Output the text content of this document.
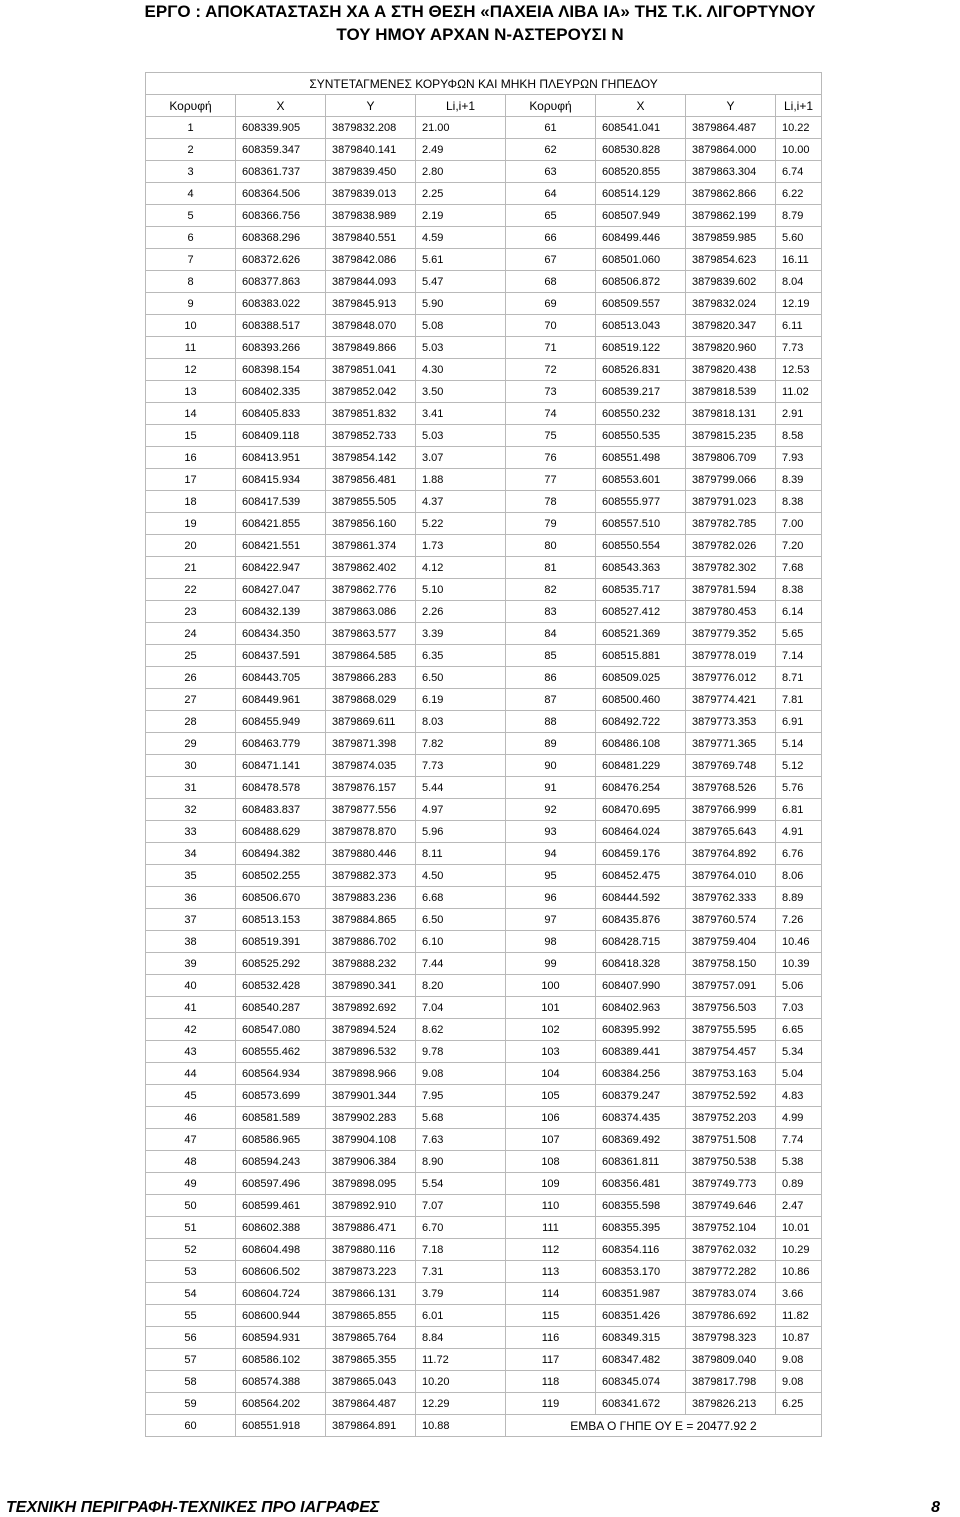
ΕΡΓΟ : ΑΠΟΚΑΤΑΣΤΑΣΗ ΧΑ Α ΣΤΗ ΘΕΣΗ «ΠΑΧΕΙΑ ΛΙΒΑ ΙΑ» ΤΗΣ Τ.Κ. ΛΙΓΟΡΤΥΝΟΥ
ΤΟΥ ΗΜΟΥ ΑΡΧΑΝ Ν-ΑΣΤΕΡΟΥΣΙ Ν
ΣΥΝΤΕΤΑΓΜΕΝΕΣ ΚΟΡΥΦΩΝ ΚΑΙ ΜΗΚΗ ΠΛΕΥΡΩΝ ΓΗΠΕΔΟΥ							
Κορυφή	X	Y	Li,i+1	Κορυφή	X	Y	Li,i+1
1	608339.905	3879832.208	21.00	61	608541.041	3879864.487	10.22
2	608359.347	3879840.141	2.49	62	608530.828	3879864.000	10.00
3	608361.737	3879839.450	2.80	63	608520.855	3879863.304	6.74
4	608364.506	3879839.013	2.25	64	608514.129	3879862.866	6.22
5	608366.756	3879838.989	2.19	65	608507.949	3879862.199	8.79
6	608368.296	3879840.551	4.59	66	608499.446	3879859.985	5.60
7	608372.626	3879842.086	5.61	67	608501.060	3879854.623	16.11
8	608377.863	3879844.093	5.47	68	608506.872	3879839.602	8.04
9	608383.022	3879845.913	5.90	69	608509.557	3879832.024	12.19
10	608388.517	3879848.070	5.08	70	608513.043	3879820.347	6.11
11	608393.266	3879849.866	5.03	71	608519.122	3879820.960	7.73
12	608398.154	3879851.041	4.30	72	608526.831	3879820.438	12.53
13	608402.335	3879852.042	3.50	73	608539.217	3879818.539	11.02
14	608405.833	3879851.832	3.41	74	608550.232	3879818.131	2.91
15	608409.118	3879852.733	5.03	75	608550.535	3879815.235	8.58
16	608413.951	3879854.142	3.07	76	608551.498	3879806.709	7.93
17	608415.934	3879856.481	1.88	77	608553.601	3879799.066	8.39
18	608417.539	3879855.505	4.37	78	608555.977	3879791.023	8.38
19	608421.855	3879856.160	5.22	79	608557.510	3879782.785	7.00
20	608421.551	3879861.374	1.73	80	608550.554	3879782.026	7.20
21	608422.947	3879862.402	4.12	81	608543.363	3879782.302	7.68
22	608427.047	3879862.776	5.10	82	608535.717	3879781.594	8.38
23	608432.139	3879863.086	2.26	83	608527.412	3879780.453	6.14
24	608434.350	3879863.577	3.39	84	608521.369	3879779.352	5.65
25	608437.591	3879864.585	6.35	85	608515.881	3879778.019	7.14
26	608443.705	3879866.283	6.50	86	608509.025	3879776.012	8.71
27	608449.961	3879868.029	6.19	87	608500.460	3879774.421	7.81
28	608455.949	3879869.611	8.03	88	608492.722	3879773.353	6.91
29	608463.779	3879871.398	7.82	89	608486.108	3879771.365	5.14
30	608471.141	3879874.035	7.73	90	608481.229	3879769.748	5.12
31	608478.578	3879876.157	5.44	91	608476.254	3879768.526	5.76
32	608483.837	3879877.556	4.97	92	608470.695	3879766.999	6.81
33	608488.629	3879878.870	5.96	93	608464.024	3879765.643	4.91
34	608494.382	3879880.446	8.11	94	608459.176	3879764.892	6.76
35	608502.255	3879882.373	4.50	95	608452.475	3879764.010	8.06
36	608506.670	3879883.236	6.68	96	608444.592	3879762.333	8.89
37	608513.153	3879884.865	6.50	97	608435.876	3879760.574	7.26
38	608519.391	3879886.702	6.10	98	608428.715	3879759.404	10.46
39	608525.292	3879888.232	7.44	99	608418.328	3879758.150	10.39
40	608532.428	3879890.341	8.20	100	608407.990	3879757.091	5.06
41	608540.287	3879892.692	7.04	101	608402.963	3879756.503	7.03
42	608547.080	3879894.524	8.62	102	608395.992	3879755.595	6.65
43	608555.462	3879896.532	9.78	103	608389.441	3879754.457	5.34
44	608564.934	3879898.966	9.08	104	608384.256	3879753.163	5.04
45	608573.699	3879901.344	7.95	105	608379.247	3879752.592	4.83
46	608581.589	3879902.283	5.68	106	608374.435	3879752.203	4.99
47	608586.965	3879904.108	7.63	107	608369.492	3879751.508	7.74
48	608594.243	3879906.384	8.90	108	608361.811	3879750.538	5.38
49	608597.496	3879898.095	5.54	109	608356.481	3879749.773	0.89
50	608599.461	3879892.910	7.07	110	608355.598	3879749.646	2.47
51	608602.388	3879886.471	6.70	111	608355.395	3879752.104	10.01
52	608604.498	3879880.116	7.18	112	608354.116	3879762.032	10.29
53	608606.502	3879873.223	7.31	113	608353.170	3879772.282	10.86
54	608604.724	3879866.131	3.79	114	608351.987	3879783.074	3.66
55	608600.944	3879865.855	6.01	115	608351.426	3879786.692	11.82
56	608594.931	3879865.764	8.84	116	608349.315	3879798.323	10.87
57	608586.102	3879865.355	11.72	117	608347.482	3879809.040	9.08
58	608574.388	3879865.043	10.20	118	608345.074	3879817.798	9.08
59	608564.202	3879864.487	12.29	119	608341.672	3879826.213	6.25
60	608551.918	3879864.891	10.88	ΕΜΒΑ Ο ΓΗΠΕ ΟΥ Ε = 20477.92 2			
ΤΕΧΝΙΚΗ ΠΕΡΙΓΡΑΦΗ-ΤΕΧΝΙΚΕΣ ΠΡΟ ΙΑΓΡΑΦΕΣ	8
